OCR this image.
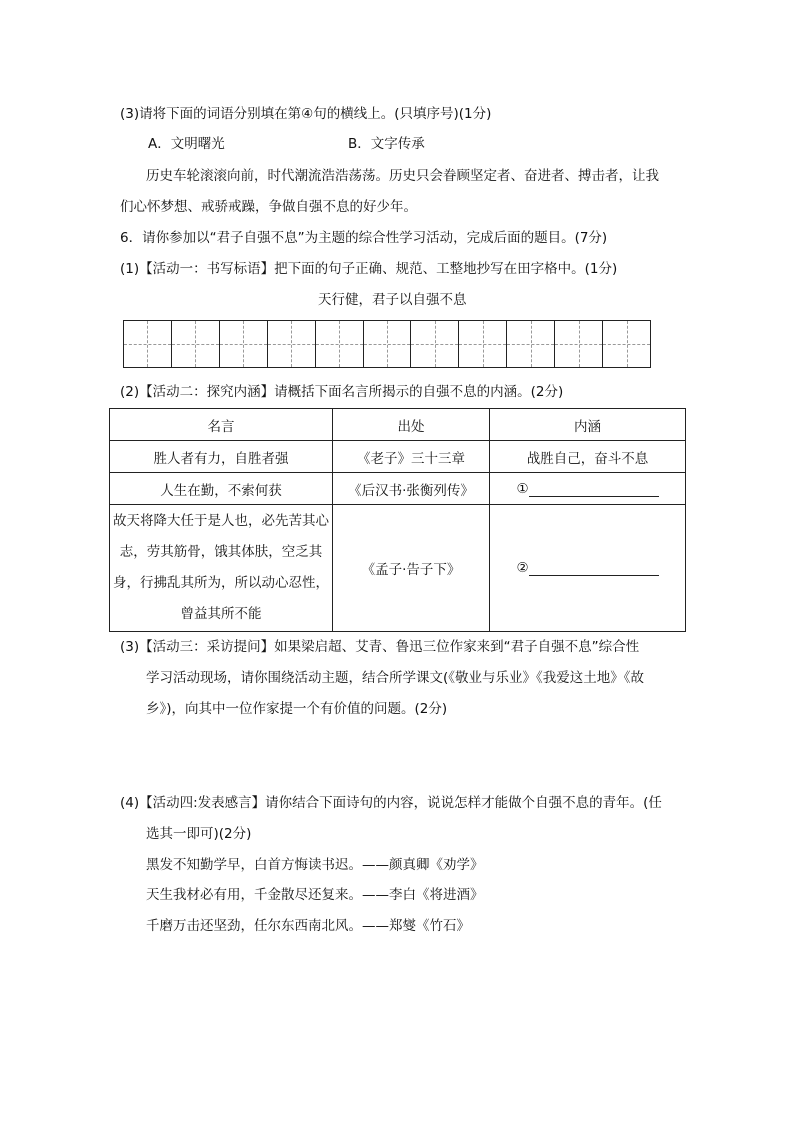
(3)请将下面的词语分别填在第④句的横线上。(只填序号)(1分)
A．文明曙光	B．文字传承
历史车轮滚滚向前，时代潮流浩浩荡荡。历史只会眷顾坚定者、奋进者、搏击者，让我
们心怀梦想、戒骄戒躁，争做自强不息的好少年。
6．请你参加以“君子自强不息”为主题的综合性学习活动，完成后面的题目。(7分)
(1)【活动一：书写标语】把下面的句子正确、规范、工整地抄写在田字格中。(1分)
天行健，君子以自强不息
(2)【活动二：探究内涵】请概括下面名言所揭示的自强不息的内涵。(2分)
名言	出处	内涵
胜人者有力，自胜者强	《老子》三十三章	战胜自己，奋斗不息
人生在勤，不索何获	《后汉书·张衡列传》	①
故天将降大任于是人也，必先苦其心志，劳其筋骨，饿其体肤，空乏其身，行拂乱其所为，所以动心忍性，曾益其所不能	《孟子·告子下》	②
(3)【活动三：采访提问】如果梁启超、艾青、鲁迅三位作家来到“君子自强不息”综合性
学习活动现场，请你围绕活动主题，结合所学课文(《敬业与乐业》《我爱这土地》《故
乡》)，向其中一位作家提一个有价值的问题。(2分)
(4)【活动四:发表感言】请你结合下面诗句的内容，说说怎样才能做个自强不息的青年。(任
选其一即可)(2分)
黑发不知勤学早，白首方悔读书迟。——颜真卿《劝学》
天生我材必有用，千金散尽还复来。——李白《将进酒》
千磨万击还坚劲，任尔东西南北风。——郑燮《竹石》
